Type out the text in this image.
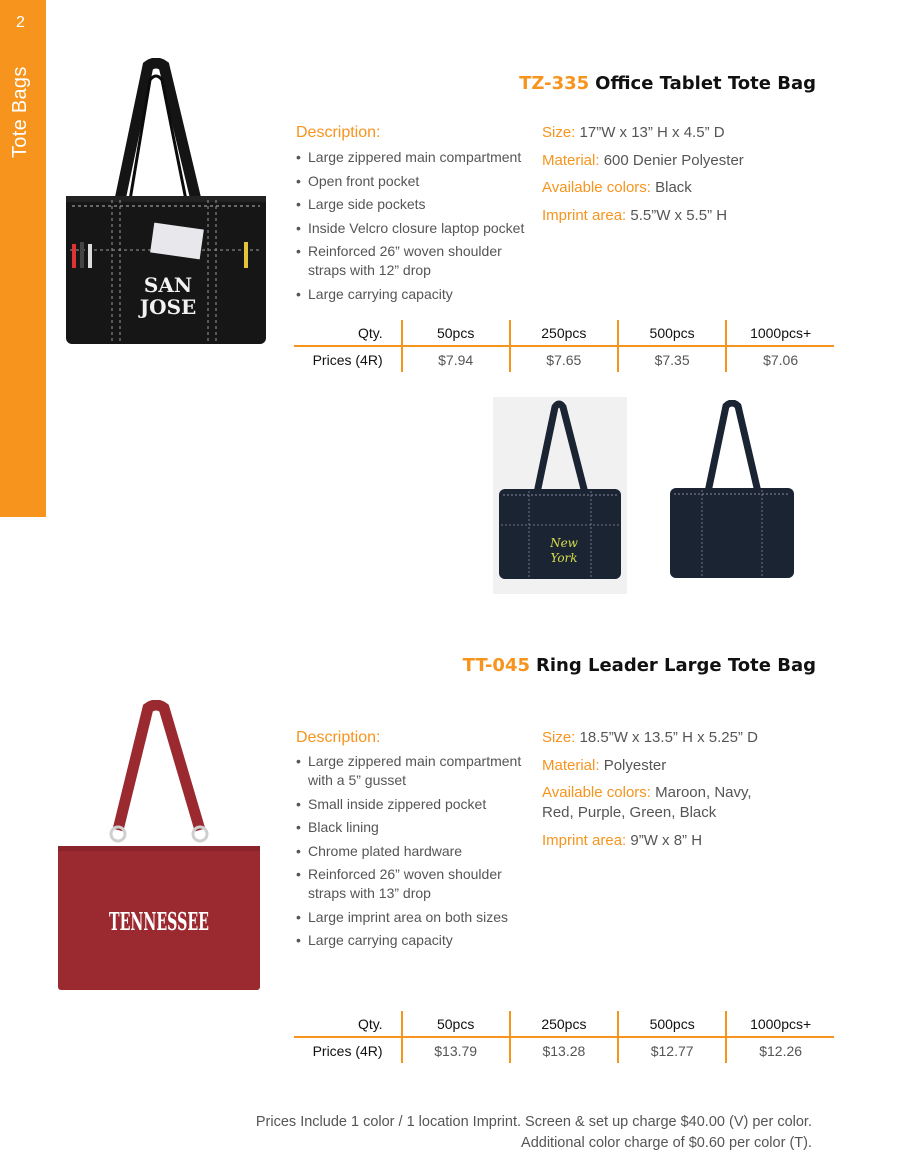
2
Tote Bags
SAN
JOSE
TZ-335 Office Tablet Tote Bag
Description:
• Large zippered main compartment
• Open front pocket
• Large side pockets
• Inside Velcro closure laptop pocket
• Reinforced 26” woven shoulder straps with 12” drop
• Large carrying capacity
Size: 17”W x 13” H x 4.5” D
Material: 600 Denier Polyester
Available colors: Black
Imprint area: 5.5”W x 5.5” H
Qty.	50pcs	250pcs	500pcs	1000pcs+
Prices (4R)	$7.94	$7.65	$7.35	$7.06
New
York
TT-045 Ring Leader Large Tote Bag
TENNESSEE
Description:
• Large zippered main compartment with a 5” gusset
• Small inside zippered pocket
• Black lining
• Chrome plated hardware
• Reinforced 26” woven shoulder straps with 13” drop
• Large imprint area on both sizes
• Large carrying capacity
Size: 18.5”W x 13.5” H x 5.25” D
Material: Polyester
Available colors: Maroon, Navy, Red, Purple, Green, Black
Imprint area: 9”W x 8” H
Qty.	50pcs	250pcs	500pcs	1000pcs+
Prices (4R)	$13.79	$13.28	$12.77	$12.26
Prices Include 1 color / 1 location Imprint. Screen & set up charge $40.00 (V) per color.
Additional color charge of $0.60 per color (T).
